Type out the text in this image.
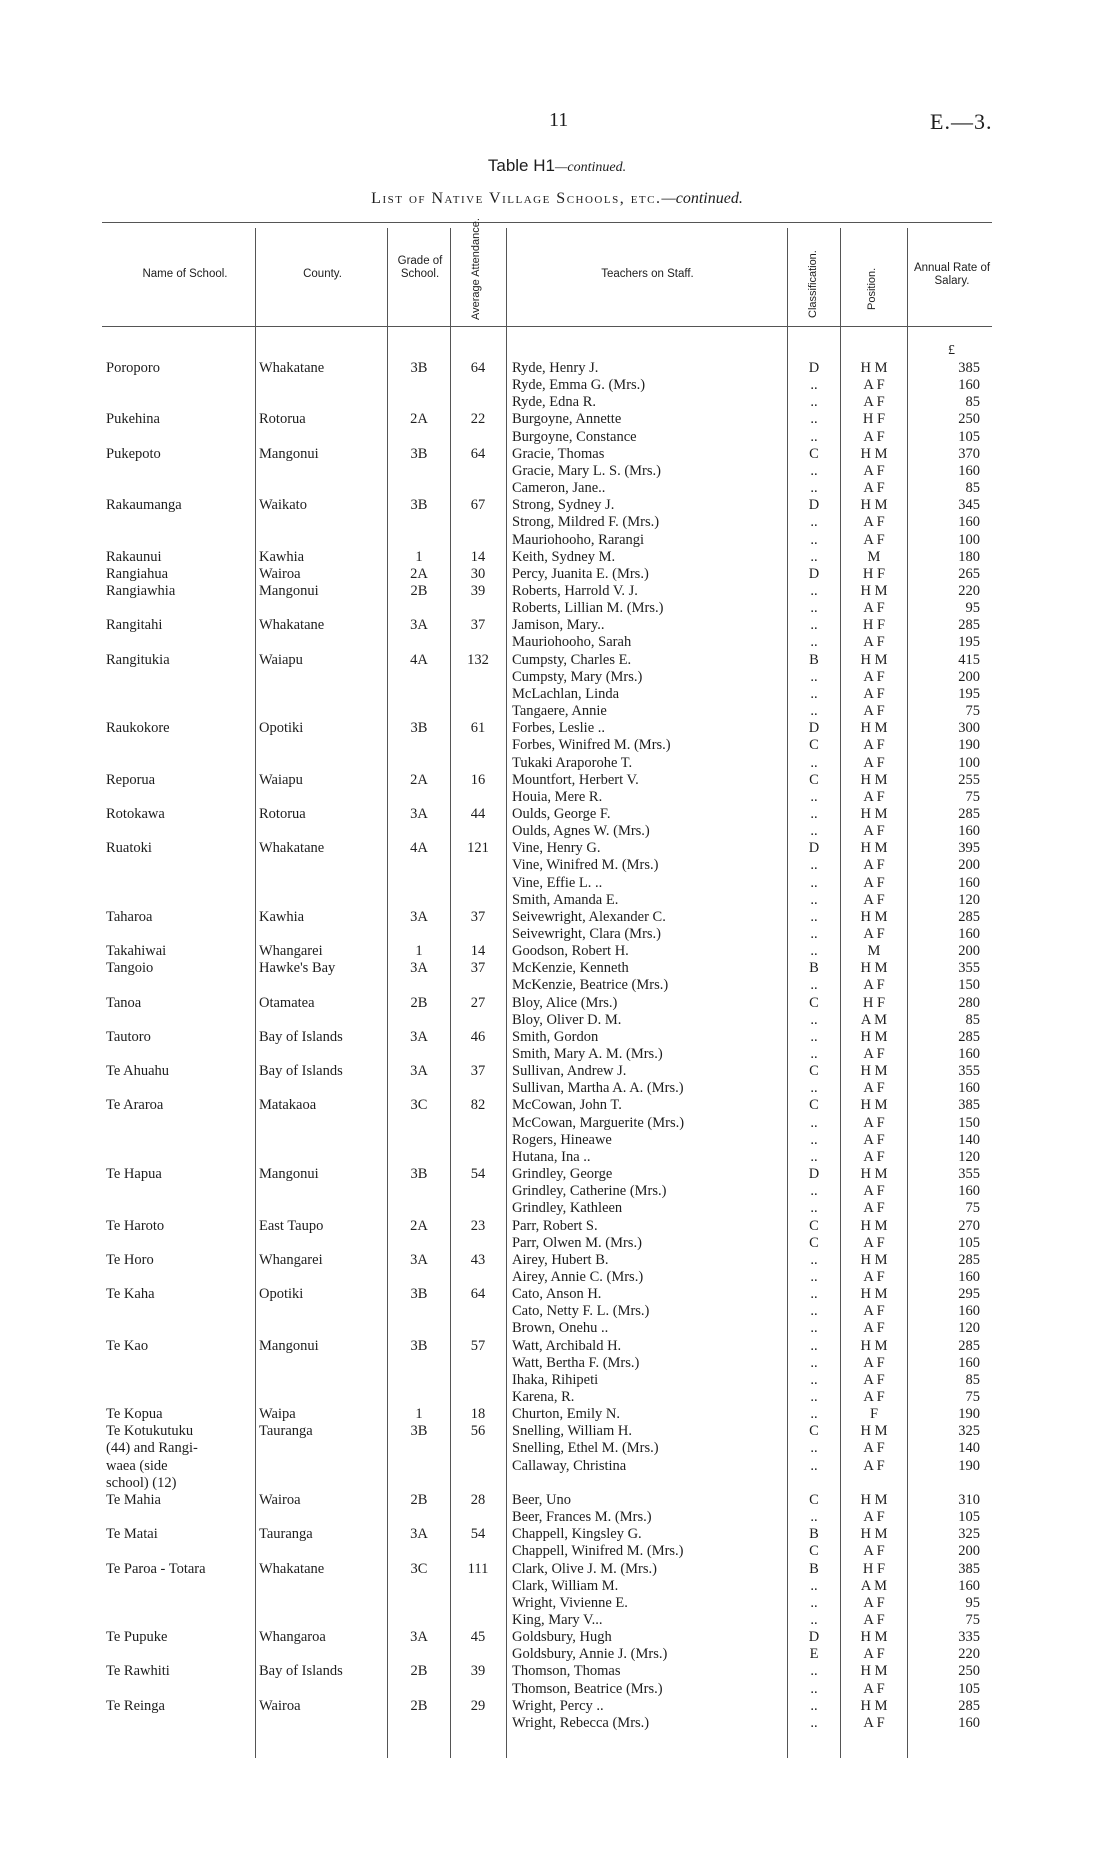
11	E.—3.
Table H1—continued.
List of Native Village Schools, etc.—continued.
Name of School.	County.
Grade of School.	Average Attendance.	Teachers on Staff.	Classification.	Position.	Annual Rate of Salary.
£
Poroporo	Whakatane	3B	64	Ryde, Henry J.	D	H M	385
Ryde, Emma G. (Mrs.)	..	A F	160
Ryde, Edna R.	..	A F	85
Pukehina	Rotorua	2A	22	Burgoyne, Annette	..	H F	250
Burgoyne, Constance	..	A F	105
Pukepoto	Mangonui	3B	64	Gracie, Thomas	C	H M	370
Gracie, Mary L. S. (Mrs.)	..	A F	160
Cameron, Jane..	..	A F	85
Rakaumanga	Waikato	3B	67	Strong, Sydney J.	D	H M	345
Strong, Mildred F. (Mrs.)	..	A F	160
Mauriohooho, Rarangi	..	A F	100
Rakaunui	Kawhia	1	14	Keith, Sydney M.	..	M	180
Rangiahua	Wairoa	2A	30	Percy, Juanita E. (Mrs.)	D	H F	265
Rangiawhia	Mangonui	2B	39	Roberts, Harrold V. J.	..	H M	220
Roberts, Lillian M. (Mrs.)	..	A F	95
Rangitahi	Whakatane	3A	37	Jamison, Mary..	..	H F	285
Mauriohooho, Sarah	..	A F	195
Rangitukia	Waiapu	4A	132	Cumpsty, Charles E.	B	H M	415
Cumpsty, Mary (Mrs.)	..	A F	200
McLachlan, Linda	..	A F	195
Tangaere, Annie	..	A F	75
Raukokore	Opotiki	3B	61	Forbes, Leslie ..	D	H M	300
Forbes, Winifred M. (Mrs.)	C	A F	190
Tukaki Araporohe T.	..	A F	100
Reporua	Waiapu	2A	16	Mountfort, Herbert V.	C	H M	255
Houia, Mere R.	..	A F	75
Rotokawa	Rotorua	3A	44	Oulds, George F.	..	H M	285
Oulds, Agnes W. (Mrs.)	..	A F	160
Ruatoki	Whakatane	4A	121	Vine, Henry G.	D	H M	395
Vine, Winifred M. (Mrs.)	..	A F	200
Vine, Effie L. ..	..	A F	160
Smith, Amanda E.	..	A F	120
Taharoa	Kawhia	3A	37	Seivewright, Alexander C.	..	H M	285
Seivewright, Clara (Mrs.)	..	A F	160
Takahiwai	Whangarei	1	14	Goodson, Robert H.	..	M	200
Tangoio	Hawke's Bay	3A	37	McKenzie, Kenneth	B	H M	355
McKenzie, Beatrice (Mrs.)	..	A F	150
Tanoa	Otamatea	2B	27	Bloy, Alice (Mrs.)	C	H F	280
Bloy, Oliver D. M.	..	A M	85
Tautoro	Bay of Islands	3A	46	Smith, Gordon	..	H M	285
Smith, Mary A. M. (Mrs.)	..	A F	160
Te Ahuahu	Bay of Islands	3A	37	Sullivan, Andrew J.	C	H M	355
Sullivan, Martha A. A. (Mrs.)	..	A F	160
Te Araroa	Matakaoa	3C	82	McCowan, John T.	C	H M	385
McCowan, Marguerite (Mrs.)	..	A F	150
Rogers, Hineawe	..	A F	140
Hutana, Ina ..	..	A F	120
Te Hapua	Mangonui	3B	54	Grindley, George	D	H M	355
Grindley, Catherine (Mrs.)	..	A F	160
Grindley, Kathleen	..	A F	75
Te Haroto	East Taupo	2A	23	Parr, Robert S.	C	H M	270
Parr, Olwen M. (Mrs.)	C	A F	105
Te Horo	Whangarei	3A	43	Airey, Hubert B.	..	H M	285
Airey, Annie C. (Mrs.)	..	A F	160
Te Kaha	Opotiki	3B	64	Cato, Anson H.	..	H M	295
Cato, Netty F. L. (Mrs.)	..	A F	160
Brown, Onehu ..	..	A F	120
Te Kao	Mangonui	3B	57	Watt, Archibald H.	..	H M	285
Watt, Bertha F. (Mrs.)	..	A F	160
Ihaka, Rihipeti	..	A F	85
Karena, R.	..	A F	75
Te Kopua	Waipa	1	18	Churton, Emily N.	..	F	190
Te Kotukutuku	Tauranga	3B	56	Snelling, William H.	C	H M	325
(44) and Rangi-	Snelling, Ethel M. (Mrs.)	..	A F	140
waea (side	Callaway, Christina	..	A F	190
school) (12)
Te Mahia	Wairoa	2B	28	Beer, Uno	C	H M	310
Beer, Frances M. (Mrs.)	..	A F	105
Te Matai	Tauranga	3A	54	Chappell, Kingsley G.	B	H M	325
Chappell, Winifred M. (Mrs.)	C	A F	200
Te Paroa - Totara	Whakatane	3C	111	Clark, Olive J. M. (Mrs.)	B	H F	385
Clark, William M.	..	A M	160
Wright, Vivienne E.	..	A F	95
King, Mary V...	..	A F	75
Te Pupuke	Whangaroa	3A	45	Goldsbury, Hugh	D	H M	335
Goldsbury, Annie J. (Mrs.)	E	A F	220
Te Rawhiti	Bay of Islands	2B	39	Thomson, Thomas	..	H M	250
Thomson, Beatrice (Mrs.)	..	A F	105
Te Reinga	Wairoa	2B	29	Wright, Percy ..	..	H M	285
Wright, Rebecca (Mrs.)	..	A F	160
